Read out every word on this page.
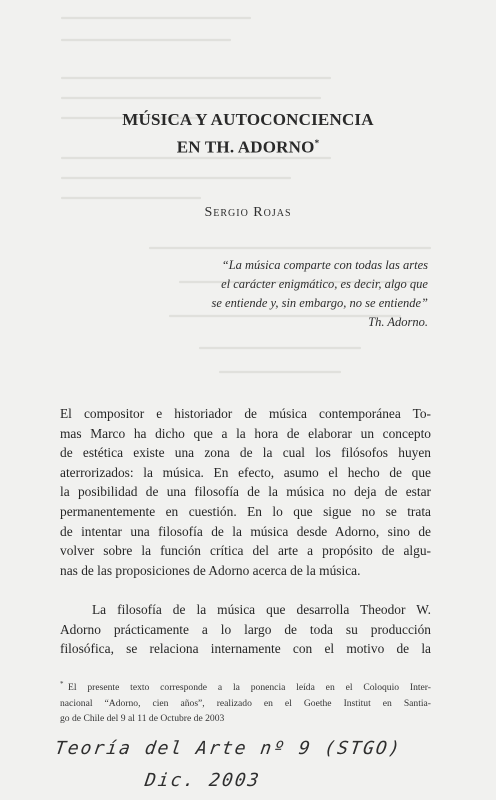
MÚSICA Y AUTOCONCIENCIA
EN TH. ADORNO*
Sergio Rojas
“La música comparte con todas las artes
el carácter enigmático, es decir, algo que
se entiende y, sin embargo, no se entiende”
Th. Adorno.
El compositor e historiador de música contemporánea To-
mas Marco ha dicho que a la hora de elaborar un concepto
de estética existe una zona de la cual los filósofos huyen
aterrorizados: la música. En efecto, asumo el hecho de que
la posibilidad de una filosofía de la música no deja de estar
permanentemente en cuestión. En lo que sigue no se trata
de intentar una filosofía de la música desde Adorno, sino de
volver sobre la función crítica del arte a propósito de algu-
nas de las proposiciones de Adorno acerca de la música.
La filosofía de la música que desarrolla Theodor W.
Adorno prácticamente a lo largo de toda su producción
filosófica, se relaciona internamente con el motivo de la
* El presente texto corresponde a la ponencia leída en el Coloquio Inter-
nacional “Adorno, cien años”, realizado en el Goethe Institut en Santia-
go de Chile del 9 al 11 de Octubre de 2003
Teoría del Arte nº 9 (STGO)
Dic. 2003
